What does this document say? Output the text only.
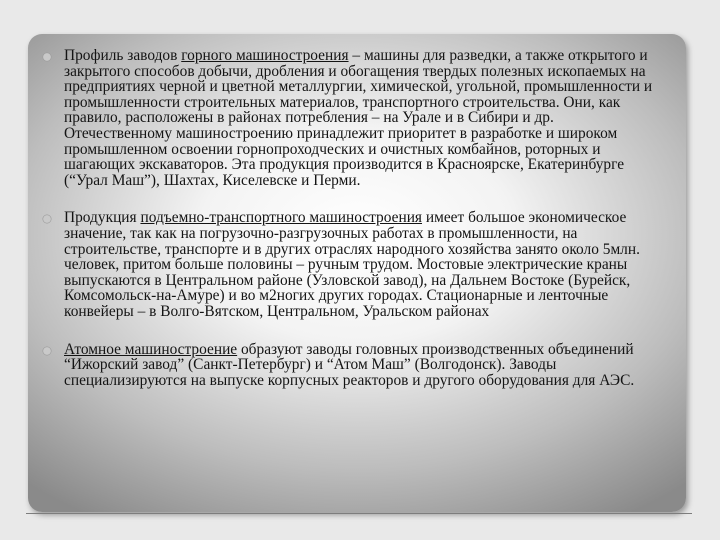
Профиль заводов горного машиностроения – машины для разведки, а также открытого и закрытого способов добычи, дробления и обогащения твердых полезных ископаемых на предприятиях черной и цветной металлургии, химической, угольной, промышленности и промышленности строительных материалов, транспортного строительства. Они, как правило, расположены в районах потребления – на Урале и в Сибири и др. Отечественному машиностроению принадлежит приоритет в разработке и широком промышленном освоении горнопроходческих и очистных комбайнов, роторных и шагающих экскаваторов. Эта продукция производится в Красноярске, Екатеринбурге (“Урал Маш”), Шахтах, Киселевске и Перми.

Продукция подъемно-транспортного машиностроения имеет большое экономическое значение, так как на погрузочно-разгрузочных работах в промышленности, на строительстве, транспорте и в других отраслях народного хозяйства занято около 5млн. человек, притом больше половины – ручным трудом. Мостовые электрические краны выпускаются в Центральном районе (Узловской завод), на Дальнем Востоке (Бурейск, Комсомольск-на-Амуре) и во м2ногих других городах. Стационарные и ленточные конвейеры – в Волго-Вятском, Центральном, Уральском районах

Атомное машиностроение образуют заводы головных производственных объединений “Ижорский завод” (Санкт-Петербург) и “Атом Маш” (Волгодонск). Заводы специализируются на выпуске корпусных реакторов и другого оборудования для АЭС.
